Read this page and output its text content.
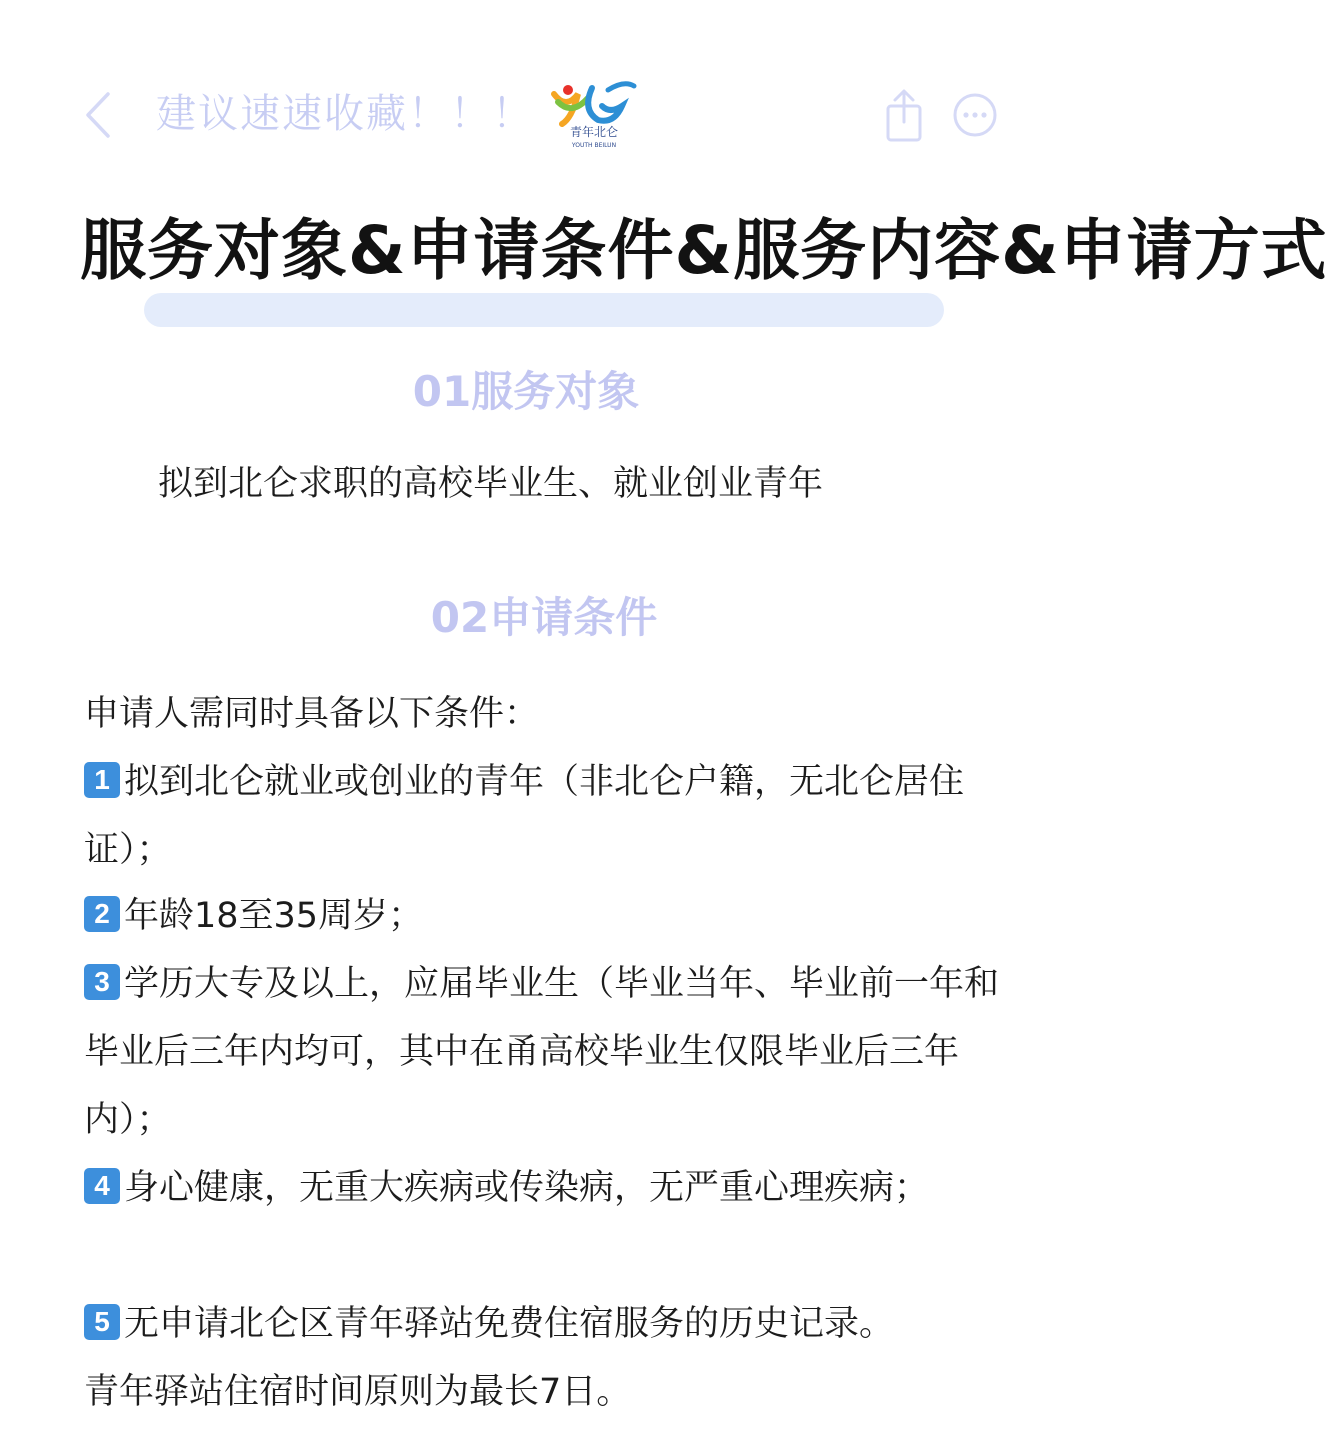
建议速速收藏！！！	青年北仑
YOUTH BEILUN
服务对象&申请条件&服务内容&申请方式
01服务对象
拟到北仑求职的高校毕业生、就业创业青年
02申请条件
申请人需同时具备以下条件：
1 拟到北仑就业或创业的青年（非北仑户籍，无北仑居住证）；
2 年龄18至35周岁；
3 学历大专及以上，应届毕业生（毕业当年、毕业前一年和毕业后三年内均可，其中在甬高校毕业生仅限毕业后三年内）；
4 身心健康，无重大疾病或传染病，无严重心理疾病；
5 无申请北仑区青年驿站免费住宿服务的历史记录。
青年驿站住宿时间原则为最长7日。
